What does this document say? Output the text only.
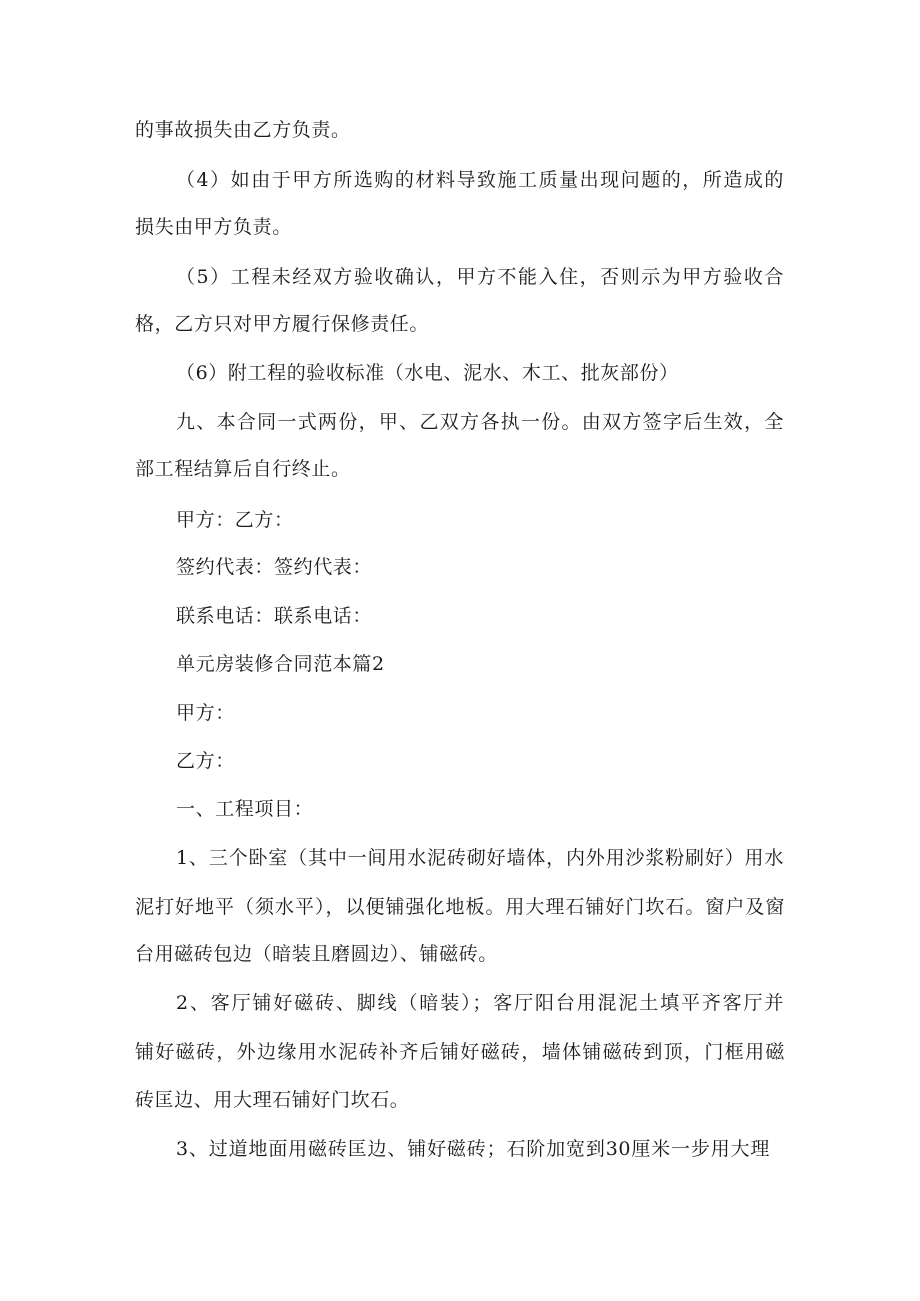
的事故损失由乙方负责。
（4）如由于甲方所选购的材料导致施工质量出现问题的，所造成的
损失由甲方负责。
（5）工程未经双方验收确认，甲方不能入住，否则示为甲方验收合
格，乙方只对甲方履行保修责任。
（6）附工程的验收标准（水电、泥水、木工、批灰部份）
九、本合同一式两份，甲、乙双方各执一份。由双方签字后生效，全
部工程结算后自行终止。
甲方：乙方：
签约代表：签约代表：
联系电话：联系电话：
单元房装修合同范本篇2
甲方：
乙方：
一、工程项目：
1、三个卧室（其中一间用水泥砖砌好墙体，内外用沙浆粉刷好）用水
泥打好地平（须水平），以便铺强化地板。用大理石铺好门坎石。窗户及窗
台用磁砖包边（暗装且磨圆边）、铺磁砖。
2、客厅铺好磁砖、脚线（暗装）；客厅阳台用混泥土填平齐客厅并
铺好磁砖，外边缘用水泥砖补齐后铺好磁砖，墙体铺磁砖到顶，门框用磁
砖匡边、用大理石铺好门坎石。
3、过道地面用磁砖匡边、铺好磁砖；石阶加宽到30厘米一步用大理
